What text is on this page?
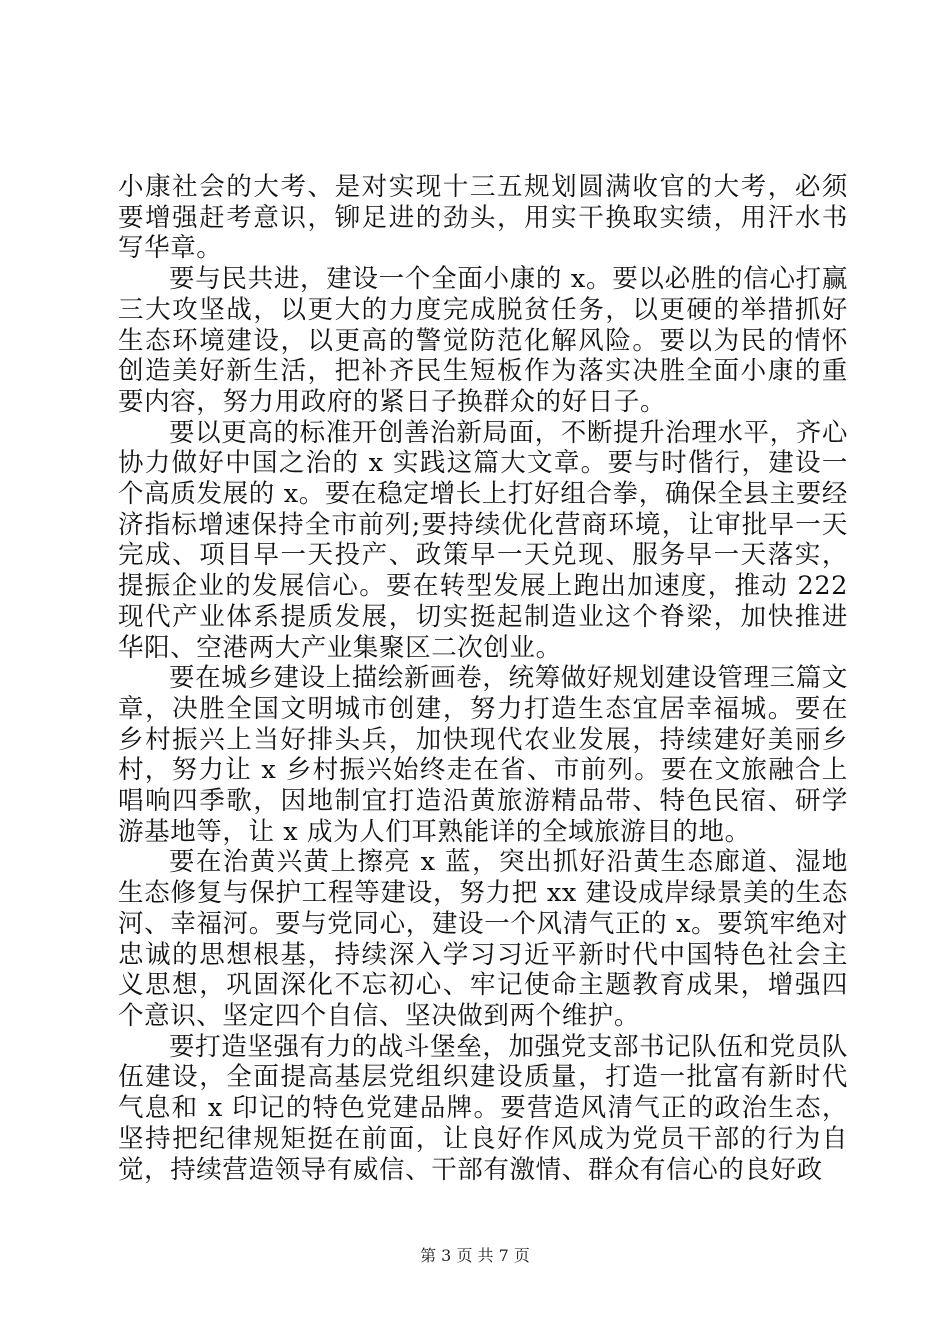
小康社会的大考、是对实现十三五规划圆满收官的大考，必须要增强赶考意识，铆足进的劲头，用实干换取实绩，用汗水书写华章。

要与民共进，建设一个全面小康的 x。要以必胜的信心打赢三大攻坚战，以更大的力度完成脱贫任务，以更硬的举措抓好生态环境建设，以更高的警觉防范化解风险。要以为民的情怀创造美好新生活，把补齐民生短板作为落实决胜全面小康的重要内容，努力用政府的紧日子换群众的好日子。

要以更高的标准开创善治新局面，不断提升治理水平，齐心协力做好中国之治的 x 实践这篇大文章。要与时偕行，建设一个高质发展的 x。要在稳定增长上打好组合拳，确保全县主要经济指标增速保持全市前列;要持续优化营商环境，让审批早一天完成、项目早一天投产、政策早一天兑现、服务早一天落实，提振企业的发展信心。要在转型发展上跑出加速度，推动 222 现代产业体系提质发展，切实挺起制造业这个脊梁，加快推进华阳、空港两大产业集聚区二次创业。

要在城乡建设上描绘新画卷，统筹做好规划建设管理三篇文章，决胜全国文明城市创建，努力打造生态宜居幸福城。要在乡村振兴上当好排头兵，加快现代农业发展，持续建好美丽乡村，努力让 x 乡村振兴始终走在省、市前列。要在文旅融合上唱响四季歌，因地制宜打造沿黄旅游精品带、特色民宿、研学游基地等，让 x 成为人们耳熟能详的全域旅游目的地。

要在治黄兴黄上擦亮 x 蓝，突出抓好沿黄生态廊道、湿地生态修复与保护工程等建设，努力把 xx 建设成岸绿景美的生态河、幸福河。要与党同心，建设一个风清气正的 x。要筑牢绝对忠诚的思想根基，持续深入学习习近平新时代中国特色社会主义思想，巩固深化不忘初心、牢记使命主题教育成果，增强四个意识、坚定四个自信、坚决做到两个维护。

要打造坚强有力的战斗堡垒，加强党支部书记队伍和党员队伍建设，全面提高基层党组织建设质量，打造一批富有新时代气息和 x 印记的特色党建品牌。要营造风清气正的政治生态，坚持把纪律规矩挺在前面，让良好作风成为党员干部的行为自觉，持续营造领导有威信、干部有激情、群众有信心的良好政

第 3 页 共 7 页
